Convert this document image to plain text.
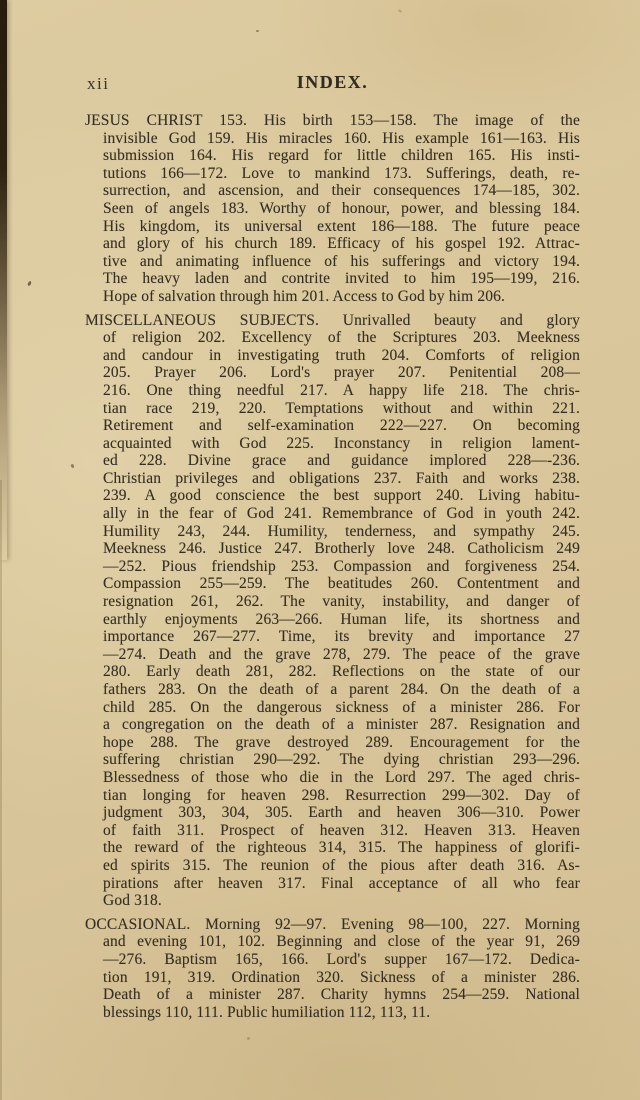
xii	INDEX.
JESUS CHRIST 153. His birth 153—158. The image of the
invisible God 159. His miracles 160. His example 161—163. His
submission 164. His regard for little children 165. His insti-
tutions 166—172. Love to mankind 173. Sufferings, death, re-
surrection, and ascension, and their consequences 174—185, 302.
Seen of angels 183. Worthy of honour, power, and blessing 184.
His kingdom, its universal extent 186—188. The future peace
and glory of his church 189. Efficacy of his gospel 192. Attrac-
tive and animating influence of his sufferings and victory 194.
The heavy laden and contrite invited to him 195—199, 216.
Hope of salvation through him 201. Access to God by him 206.
MISCELLANEOUS SUBJECTS. Unrivalled beauty and glory
of religion 202. Excellency of the Scriptures 203. Meekness
and candour in investigating truth 204. Comforts of religion
205. Prayer 206. Lord's prayer 207. Penitential 208—
216. One thing needful 217. A happy life 218. The chris-
tian race 219, 220. Temptations without and within 221.
Retirement and self-examination 222—227. On becoming
acquainted with God 225. Inconstancy in religion lament-
ed 228. Divine grace and guidance implored 228—-236.
Christian privileges and obligations 237. Faith and works 238.
239. A good conscience the best support 240. Living habitu-
ally in the fear of God 241. Remembrance of God in youth 242.
Humility 243, 244. Humility, tenderness, and sympathy 245.
Meekness 246. Justice 247. Brotherly love 248. Catholicism 249
—252. Pious friendship 253. Compassion and forgiveness 254.
Compassion 255—259. The beatitudes 260. Contentment and
resignation 261, 262. The vanity, instability, and danger of
earthly enjoyments 263—266. Human life, its shortness and
importance 267—277. Time, its brevity and importance 27
—274. Death and the grave 278, 279. The peace of the grave
280. Early death 281, 282. Reflections on the state of our
fathers 283. On the death of a parent 284. On the death of a
child 285. On the dangerous sickness of a minister 286. For
a congregation on the death of a minister 287. Resignation and
hope 288. The grave destroyed 289. Encouragement for the
suffering christian 290—292. The dying christian 293—296.
Blessedness of those who die in the Lord 297. The aged chris-
tian longing for heaven 298. Resurrection 299—302. Day of
judgment 303, 304, 305. Earth and heaven 306—310. Power
of faith 311. Prospect of heaven 312. Heaven 313. Heaven
the reward of the righteous 314, 315. The happiness of glorifi-
ed spirits 315. The reunion of the pious after death 316. As-
pirations after heaven 317. Final acceptance of all who fear
God 318.
OCCASIONAL. Morning 92—97. Evening 98—100, 227. Morning
and evening 101, 102. Beginning and close of the year 91, 269
—276. Baptism 165, 166. Lord's supper 167—172. Dedica-
tion 191, 319. Ordination 320. Sickness of a minister 286.
Death of a minister 287. Charity hymns 254—259. National
blessings 110, 111. Public humiliation 112, 113, 11.
